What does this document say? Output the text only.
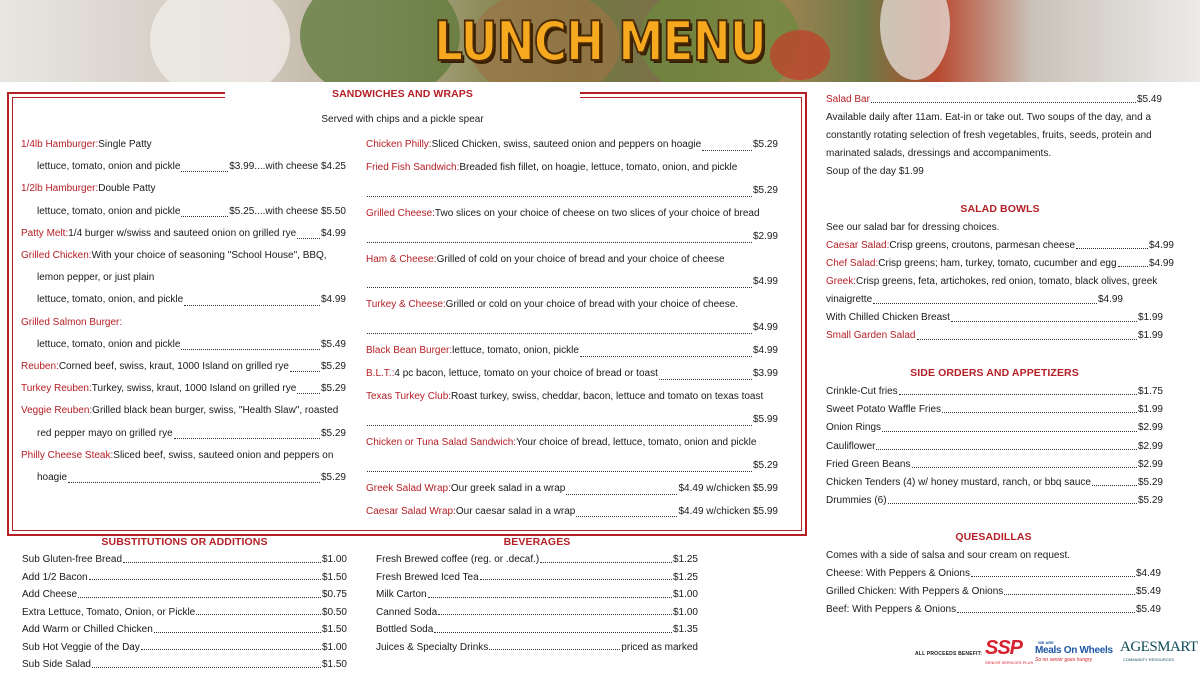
LUNCH MENU
SANDWICHES AND WRAPS
Served with chips and a pickle spear
1/4lb Hamburger: Single Patty
lettuce, tomato, onion and pickle	$3.99....with cheese $4.25
1/2lb Hamburger: Double Patty
lettuce, tomato, onion and pickle	$5.25....with cheese $5.50
Patty Melt: 1/4 burger w/swiss and sauteed onion on grilled rye $4.99
Grilled Chicken: With your choice of seasoning "School House", BBQ,
lemon pepper, or just plain
lettuce, tomato, onion, and pickle	$4.99
Grilled Salmon Burger:
lettuce, tomato, onion and pickle	$5.49
Reuben: Corned beef, swiss, kraut, 1000 Island on grilled rye	$5.29
Turkey Reuben: Turkey, swiss, kraut, 1000 Island on grilled rye $5.29
Veggie Reuben: Grilled black bean burger, swiss, "Health Slaw", roasted
red pepper mayo on grilled rye	$5.29
Philly Cheese Steak: Sliced beef, swiss, sauteed onion and peppers on
hoagie	$5.29
Chicken Philly: Sliced Chicken, swiss, sauteed onion and peppers on hoagie	$5.29
Fried Fish Sandwich: Breaded fish fillet, on hoagie, lettuce, tomato, onion, and pickle
$5.29
Grilled Cheese: Two slices on your choice of cheese on two slices of your choice of bread
$2.99
Ham & Cheese: Grilled of cold on your choice of bread and your choice of cheese
$4.99
Turkey & Cheese: Grilled or cold on your choice of bread with your choice of cheese.
$4.99
Black Bean Burger: lettuce, tomato, onion, pickle	$4.99
B.L.T.: 4 pc bacon, lettuce, tomato on your choice of bread or toast	$3.99
Texas Turkey Club: Roast turkey, swiss, cheddar, bacon, lettuce and tomato on texas toast
$5.99
Chicken or Tuna Salad Sandwich: Your choice of bread, lettuce, tomato, onion and pickle
$5.29
Greek Salad Wrap: Our greek salad in a wrap	$4.49 w/chicken $5.99
Caesar Salad Wrap: Our caesar salad in a wrap	$4.49 w/chicken $5.99
SUBSTITUTIONS OR ADDITIONS
Sub Gluten-free Bread	$1.00
Add 1/2 Bacon	$1.50
Add Cheese	$0.75
Extra Lettuce, Tomato, Onion, or Pickle	$0.50
Add Warm or Chilled Chicken	$1.50
Sub Hot Veggie of the Day	$1.00
Sub Side Salad	$1.50
BEVERAGES
Fresh Brewed coffee (reg. or .decaf.)	$1.25
Fresh Brewed Iced Tea	$1.25
Milk Carton	$1.00
Canned Soda	$1.00
Bottled Soda	$1.35
Juices & Specialty Drinks	priced as marked
Salad Bar	$5.49
Available daily after 11am. Eat-in or take out. Two soups of the day, and a constantly rotating selection of fresh vegetables, fruits, seeds, protein and marinated salads, dressings and accompaniments.
Soup of the day $1.99
SALAD BOWLS
See our salad bar for dressing choices.
Caesar Salad: Crisp greens, croutons, parmesan cheese	$4.99
Chef Salad: Crisp greens; ham, turkey, tomato, cucumber and egg	$4.99
Greek: Crisp greens, feta, artichokes, red onion, tomato, black olives, greek
vinaigrette	$4.99
With Chilled Chicken Breast	$1.99
Small Garden Salad	$1.99
SIDE ORDERS AND APPETIZERS
Crinkle-Cut fries	$1.75
Sweet Potato Waffle Fries	$1.99
Onion Rings	$2.99
Cauliflower	$2.99
Fried Green Beans	$2.99
Chicken Tenders (4) w/ honey mustard, ranch, or bbq sauce	$5.29
Drummies (6)	$5.29
QUESADILLAS
Comes with a side of salsa and sour cream on request.
Cheese: With Peppers & Onions	$4.49
Grilled Chicken: With Peppers & Onions	$5.49
Beef: With Peppers & Onions	$5.49
ALL PROCEEDS BENEFIT: SSP
SENIOR SERVICES PLUS
WE ARE
Meals On Wheels
So no senior goes hungry
AGESMART
COMMUNITY RESOURCES
